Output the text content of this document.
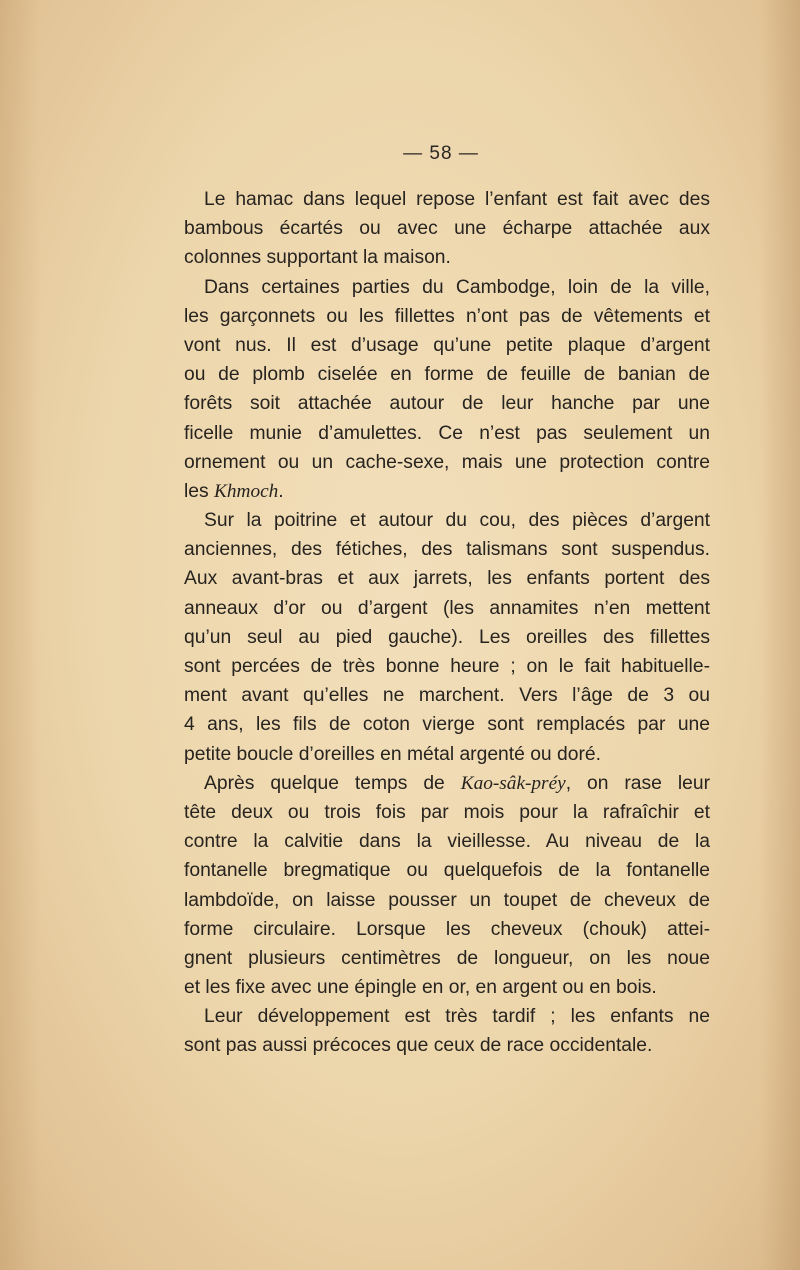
— 58 —
Le hamac dans lequel repose l’enfant est fait avec des
bambous écartés ou avec une écharpe attachée aux
colonnes supportant la maison.
Dans certaines parties du Cambodge, loin de la ville,
les garçonnets ou les fillettes n’ont pas de vêtements et
vont nus. Il est d’usage qu’une petite plaque d’argent
ou de plomb ciselée en forme de feuille de banian de
forêts soit attachée autour de leur hanche par une
ficelle munie d’amulettes. Ce n’est pas seulement un
ornement ou un cache-sexe, mais une protection contre
les Khmoch.
Sur la poitrine et autour du cou, des pièces d’argent
anciennes, des fétiches, des talismans sont suspendus.
Aux avant-bras et aux jarrets, les enfants portent des
anneaux d’or ou d’argent (les annamites n’en mettent
qu’un seul au pied gauche). Les oreilles des fillettes
sont percées de très bonne heure ; on le fait habituelle-
ment avant qu’elles ne marchent. Vers l’âge de 3 ou
4 ans, les fils de coton vierge sont remplacés par une
petite boucle d’oreilles en métal argenté ou doré.
Après quelque temps de Kao-sâk-préy, on rase leur
tête deux ou trois fois par mois pour la rafraîchir et
contre la calvitie dans la vieillesse. Au niveau de la
fontanelle bregmatique ou quelquefois de la fontanelle
lambdoïde, on laisse pousser un toupet de cheveux de
forme circulaire. Lorsque les cheveux (chouk) attei-
gnent plusieurs centimètres de longueur, on les noue
et les fixe avec une épingle en or, en argent ou en bois.
Leur développement est très tardif ; les enfants ne
sont pas aussi précoces que ceux de race occidentale.
